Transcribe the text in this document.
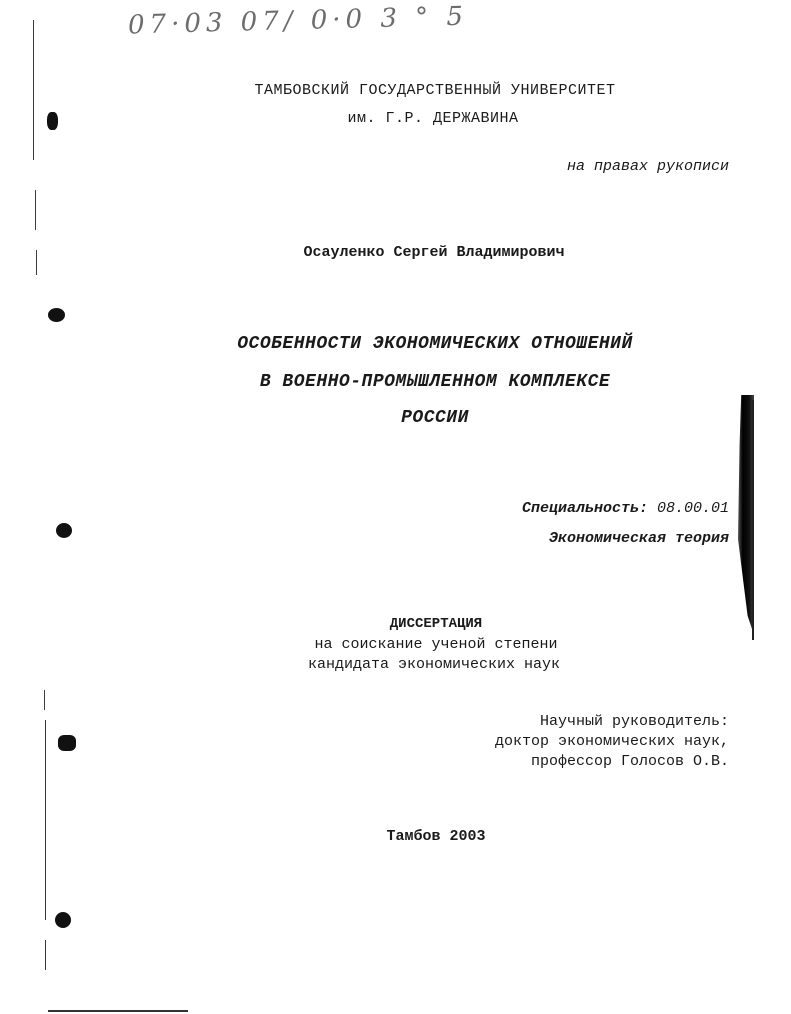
07·03 07/ 0·0 3 ° 5
ТАМБОВСКИЙ ГОСУДАРСТВЕННЫЙ УНИВЕРСИТЕТ
им. Г.Р. ДЕРЖАВИНА
на правах рукописи
Осауленко Сергей Владимирович
ОСОБЕННОСТИ ЭКОНОМИЧЕСКИХ ОТНОШЕНИЙ
В ВОЕННО-ПРОМЫШЛЕННОМ КОМПЛЕКСЕ
РОССИИ
Специальность: 08.00.01
Экономическая теория
ДИССЕРТАЦИЯ
на соискание ученой степени
кандидата экономических наук
Научный руководитель:
доктор экономических наук,
профессор Голосов О.В.
Тамбов 2003
